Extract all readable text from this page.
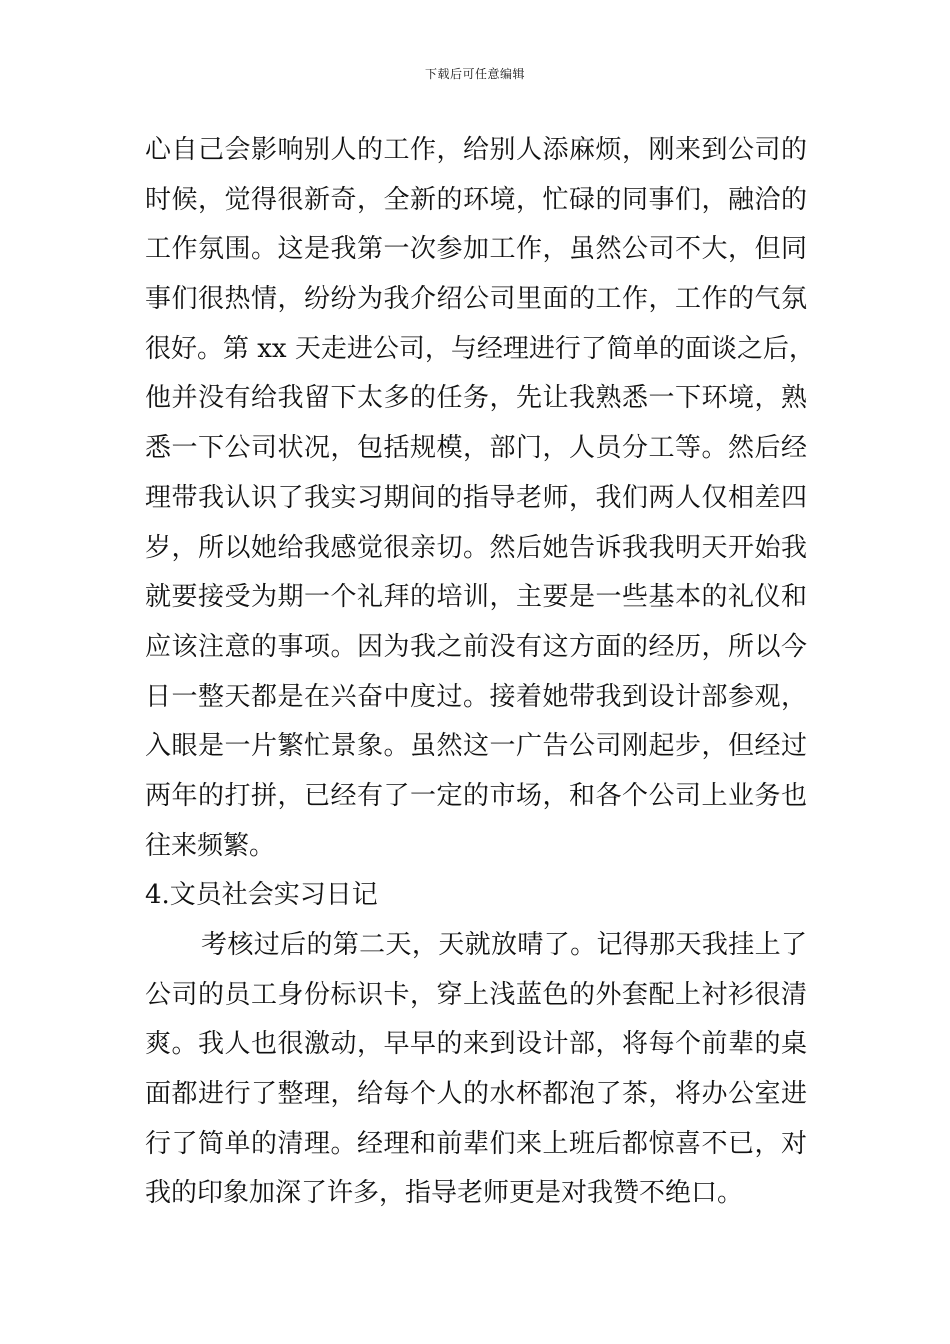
下载后可任意编辑
心自己会影响别人的工作，给别人添麻烦，刚来到公司的
时候，觉得很新奇，全新的环境，忙碌的同事们，融洽的
工作氛围。这是我第一次参加工作，虽然公司不大，但同
事们很热情，纷纷为我介绍公司里面的工作，工作的气氛
很好。第 xx 天走进公司，与经理进行了简单的面谈之后，
他并没有给我留下太多的任务，先让我熟悉一下环境，熟
悉一下公司状况，包括规模，部门，人员分工等。然后经
理带我认识了我实习期间的指导老师，我们两人仅相差四
岁，所以她给我感觉很亲切。然后她告诉我我明天开始我
就要接受为期一个礼拜的培训，主要是一些基本的礼仪和
应该注意的事项。因为我之前没有这方面的经历，所以今
日一整天都是在兴奋中度过。接着她带我到设计部参观，
入眼是一片繁忙景象。虽然这一广告公司刚起步，但经过
两年的打拼，已经有了一定的市场，和各个公司上业务也
往来频繁。
4.文员社会实习日记
考核过后的第二天，天就放晴了。记得那天我挂上了
公司的员工身份标识卡，穿上浅蓝色的外套配上衬衫很清
爽。我人也很激动，早早的来到设计部，将每个前辈的桌
面都进行了整理，给每个人的水杯都泡了茶，将办公室进
行了简单的清理。经理和前辈们来上班后都惊喜不已，对
我的印象加深了许多，指导老师更是对我赞不绝口。
